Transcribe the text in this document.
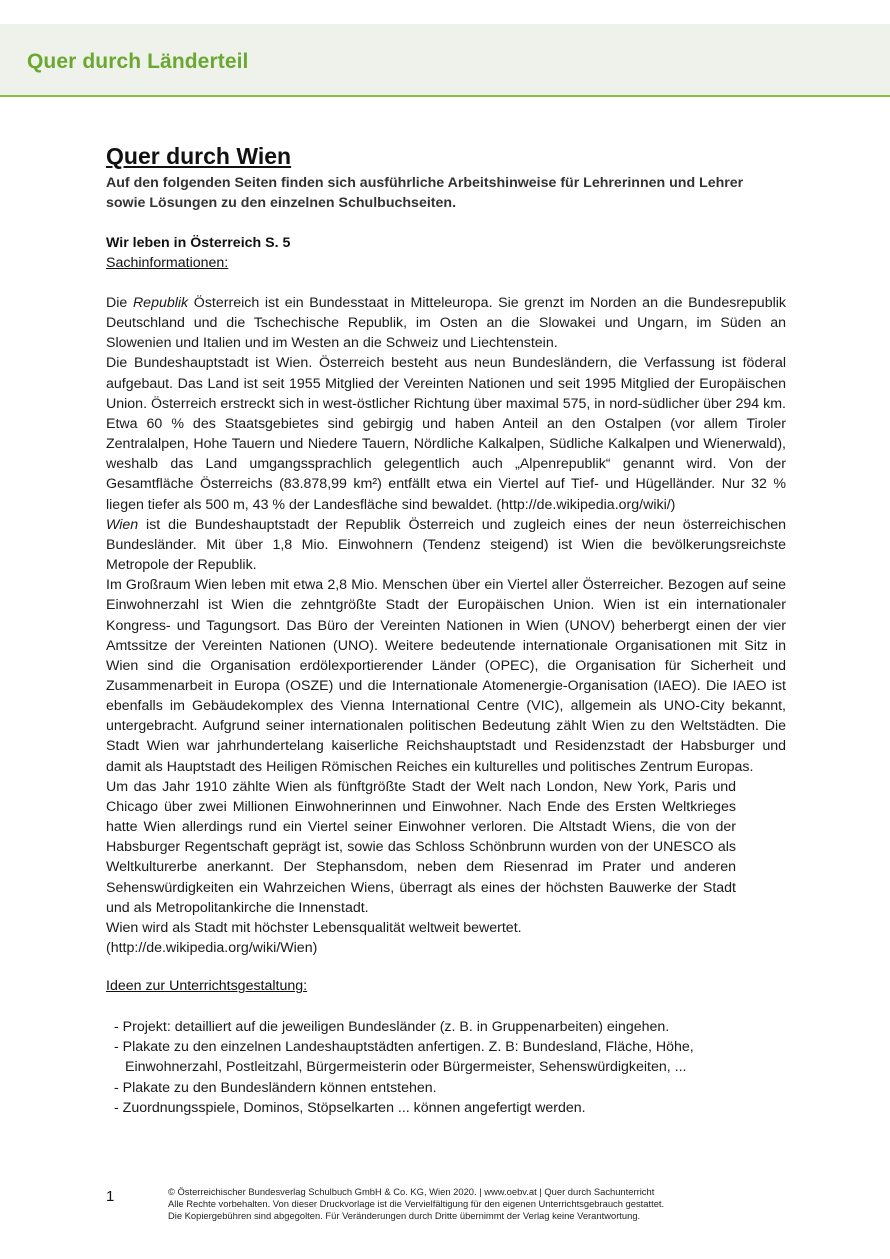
Quer durch Länderteil
Quer durch Wien

Auf den folgenden Seiten finden sich ausführliche Arbeitshinweise für Lehrerinnen und Lehrer sowie Lösungen zu den einzelnen Schulbuchseiten.

Wir leben in Österreich S. 5

Sachinformationen:

Die Republik Österreich ist ein Bundesstaat in Mitteleuropa. Sie grenzt im Norden an die Bundesrepublik Deutschland und die Tschechische Republik, im Osten an die Slowakei und Ungarn, im Süden an Slowenien und Italien und im Westen an die Schweiz und Liechtenstein.

Die Bundeshauptstadt ist Wien. Österreich besteht aus neun Bundesländern, die Verfassung ist föderal aufgebaut. Das Land ist seit 1955 Mitglied der Vereinten Nationen und seit 1995 Mitglied der Europäischen Union. Österreich erstreckt sich in west-östlicher Richtung über maximal 575, in nord-südlicher über 294 km. Etwa 60 % des Staatsgebietes sind gebirgig und haben Anteil an den Ostalpen (vor allem Tiroler Zentralalpen, Hohe Tauern und Niedere Tauern, Nördliche Kalkalpen, Südliche Kalkalpen und Wienerwald), weshalb das Land umgangssprachlich gelegentlich auch „Alpenrepublik“ genannt wird. Von der Gesamtfläche Österreichs (83.878,99 km²) entfällt etwa ein Viertel auf Tief- und Hügelländer. Nur 32 % liegen tiefer als 500 m, 43 % der Landesfläche sind bewaldet. (http://de.wikipedia.org/wiki/)

Wien ist die Bundeshauptstadt der Republik Österreich und zugleich eines der neun österreichischen Bundesländer. Mit über 1,8 Mio. Einwohnern (Tendenz steigend) ist Wien die bevölkerungsreichste Metropole der Republik.

Im Großraum Wien leben mit etwa 2,8 Mio. Menschen über ein Viertel aller Österreicher. Bezogen auf seine Einwohnerzahl ist Wien die zehntgrößte Stadt der Europäischen Union. Wien ist ein internationaler Kongress- und Tagungsort. Das Büro der Vereinten Nationen in Wien (UNOV) beherbergt einen der vier Amtssitze der Vereinten Nationen (UNO). Weitere bedeutende internationale Organisationen mit Sitz in Wien sind die Organisation erdölexportierender Länder (OPEC), die Organisation für Sicherheit und Zusammenarbeit in Europa (OSZE) und die Internationale Atomenergie-Organisation (IAEO). Die IAEO ist ebenfalls im Gebäudekomplex des Vienna International Centre (VIC), allgemein als UNO-City bekannt, untergebracht. Aufgrund seiner internationalen politischen Bedeutung zählt Wien zu den Weltstädten. Die Stadt Wien war jahrhundertelang kaiserliche Reichshauptstadt und Residenzstadt der Habsburger und damit als Hauptstadt des Heiligen Römischen Reiches ein kulturelles und politisches Zentrum Europas.

Um das Jahr 1910 zählte Wien als fünftgrößte Stadt der Welt nach London, New York, Paris und Chicago über zwei Millionen Einwohnerinnen und Einwohner. Nach Ende des Ersten Weltkrieges hatte Wien allerdings rund ein Viertel seiner Einwohner verloren. Die Altstadt Wiens, die von der Habsburger Regentschaft geprägt ist, sowie das Schloss Schönbrunn wurden von der UNESCO als Weltkulturerbe anerkannt. Der Stephansdom, neben dem Riesenrad im Prater und anderen Sehenswürdigkeiten ein Wahrzeichen Wiens, überragt als eines der höchsten Bauwerke der Stadt und als Metropolitankirche die Innenstadt.

Wien wird als Stadt mit höchster Lebensqualität weltweit bewertet.

(http://de.wikipedia.org/wiki/Wien)

Ideen zur Unterrichtsgestaltung:

- Projekt: detailliert auf die jeweiligen Bundesländer (z. B. in Gruppenarbeiten) eingehen.
- Plakate zu den einzelnen Landeshauptstädten anfertigen. Z. B: Bundesland, Fläche, Höhe, Einwohnerzahl, Postleitzahl, Bürgermeisterin oder Bürgermeister, Sehenswürdigkeiten, ...
- Plakate zu den Bundesländern können entstehen.
- Zuordnungsspiele, Dominos, Stöpselkarten ... können angefertigt werden.
1	© Österreichischer Bundesverlag Schulbuch GmbH & Co. KG, Wien 2020. | www.oebv.at | Quer durch Sachunterricht
Alle Rechte vorbehalten. Von dieser Druckvorlage ist die Vervielfältigung für den eigenen Unterrichtsgebrauch gestattet.
Die Kopiergebühren sind abgegolten. Für Veränderungen durch Dritte übernimmt der Verlag keine Verantwortung.
